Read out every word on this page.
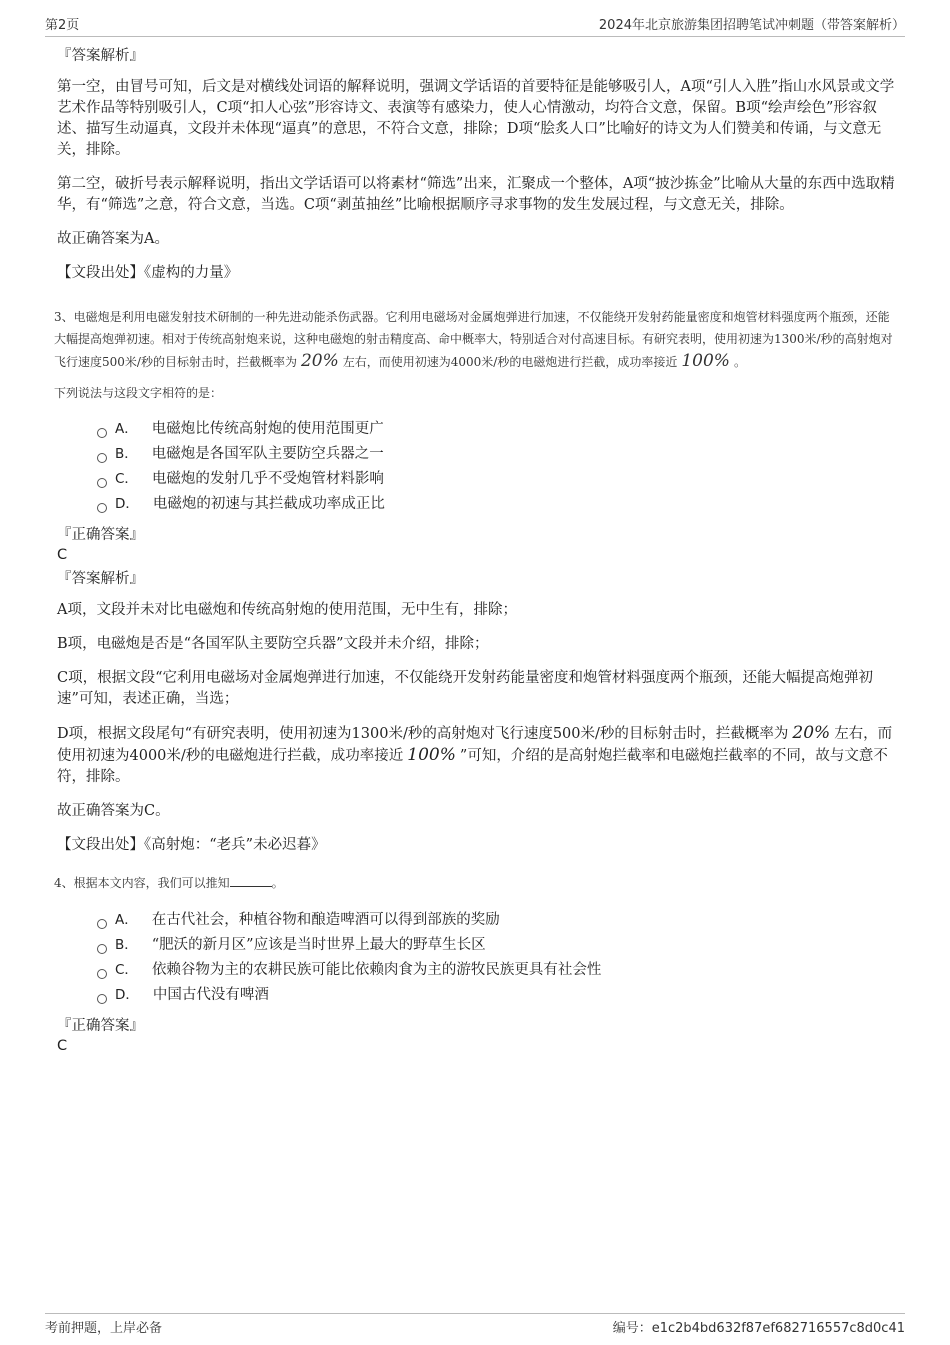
第2页	2024年北京旅游集团招聘笔试冲刺题（带答案解析）

『答案解析』

第一空，由冒号可知，后文是对横线处词语的解释说明，强调文学话语的首要特征是能够吸引人，A项“引人入胜”指山水风景或文学艺术作品等特别吸引人，C项“扣人心弦”形容诗文、表演等有感染力，使人心情激动，均符合文意，保留。B项“绘声绘色”形容叙述、描写生动逼真，文段并未体现“逼真”的意思，不符合文意，排除；D项“脍炙人口”比喻好的诗文为人们赞美和传诵，与文意无关，排除。

第二空，破折号表示解释说明，指出文学话语可以将素材“筛选”出来，汇聚成一个整体，A项“披沙拣金”比喻从大量的东西中选取精华，有“筛选”之意，符合文意，当选。C项“剥茧抽丝”比喻根据顺序寻求事物的发生发展过程，与文意无关，排除。

故正确答案为A。

【文段出处】《虚构的力量》

3、电磁炮是利用电磁发射技术研制的一种先进动能杀伤武器。它利用电磁场对金属炮弹进行加速，不仅能绕开发射药能量密度和炮管材料强度两个瓶颈，还能大幅提高炮弹初速。相对于传统高射炮来说，这种电磁炮的射击精度高、命中概率大，特别适合对付高速目标。有研究表明，使用初速为1300米/秒的高射炮对飞行速度500米/秒的目标射击时，拦截概率为 20% 左右，而使用初速为4000米/秒的电磁炮进行拦截，成功率接近 100% 。

下列说法与这段文字相符的是：

A． 电磁炮比传统高射炮的使用范围更广
B． 电磁炮是各国军队主要防空兵器之一
C． 电磁炮的发射几乎不受炮管材料影响
D． 电磁炮的初速与其拦截成功率成正比

『正确答案』

C

『答案解析』

A项，文段并未对比电磁炮和传统高射炮的使用范围，无中生有，排除；

B项，电磁炮是否是“各国军队主要防空兵器”文段并未介绍，排除；

C项，根据文段“它利用电磁场对金属炮弹进行加速，不仅能绕开发射药能量密度和炮管材料强度两个瓶颈，还能大幅提高炮弹初速”可知，表述正确，当选；

D项，根据文段尾句“有研究表明，使用初速为1300米/秒的高射炮对飞行速度500米/秒的目标射击时，拦截概率为 20% 左右，而使用初速为4000米/秒的电磁炮进行拦截，成功率接近 100% ”可知，介绍的是高射炮拦截率和电磁炮拦截率的不同，故与文意不符，排除。

故正确答案为C。

【文段出处】《高射炮：“老兵”未必迟暮》

4、根据本文内容，我们可以推知	。

A． 在古代社会，种植谷物和酿造啤酒可以得到部族的奖励
B． “肥沃的新月区”应该是当时世界上最大的野草生长区
C． 依赖谷物为主的农耕民族可能比依赖肉食为主的游牧民族更具有社会性
D． 中国古代没有啤酒

『正确答案』

C

考前押题，上岸必备	编号：e1c2b4bd632f87ef682716557c8d0c41
